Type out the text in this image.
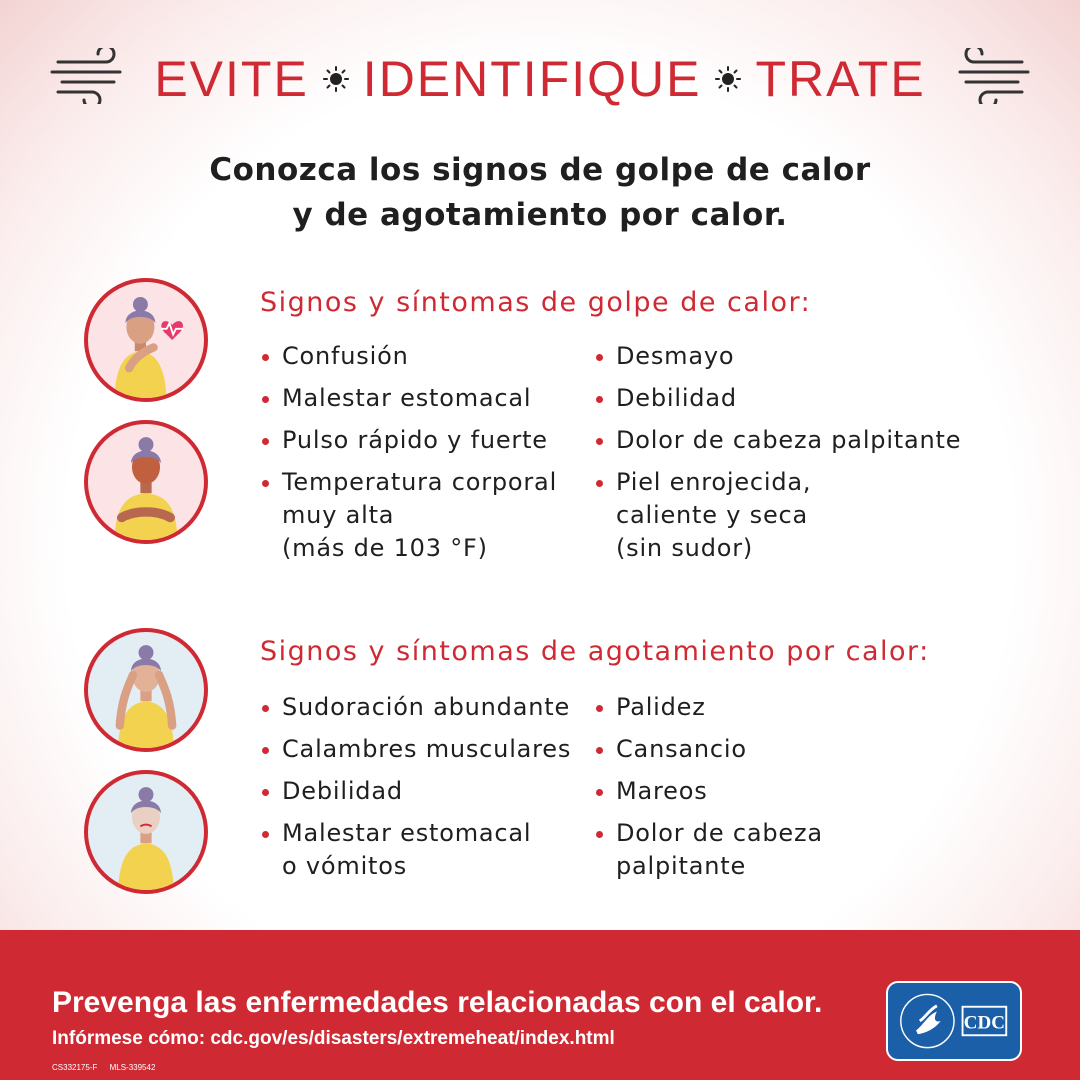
EVITE IDENTIFIQUE TRATE
Conozca los signos de golpe de calor
y de agotamiento por calor.
Signos y síntomas de golpe de calor:
Confusión
Malestar estomacal
Pulso rápido y fuerte
Temperatura corporal
muy alta
(más de 103 °F)
Desmayo
Debilidad
Dolor de cabeza palpitante
Piel enrojecida,
caliente y seca
(sin sudor)
Signos y síntomas de agotamiento por calor:
Sudoración abundante
Calambres musculares
Debilidad
Malestar estomacal
o vómitos
Palidez
Cansancio
Mareos
Dolor de cabeza
palpitante
Prevenga las enfermedades relacionadas con el calor.
Infórmese cómo: cdc.gov/es/disasters/extremeheat/index.html
CS332175-F MLS-339542
CDC
